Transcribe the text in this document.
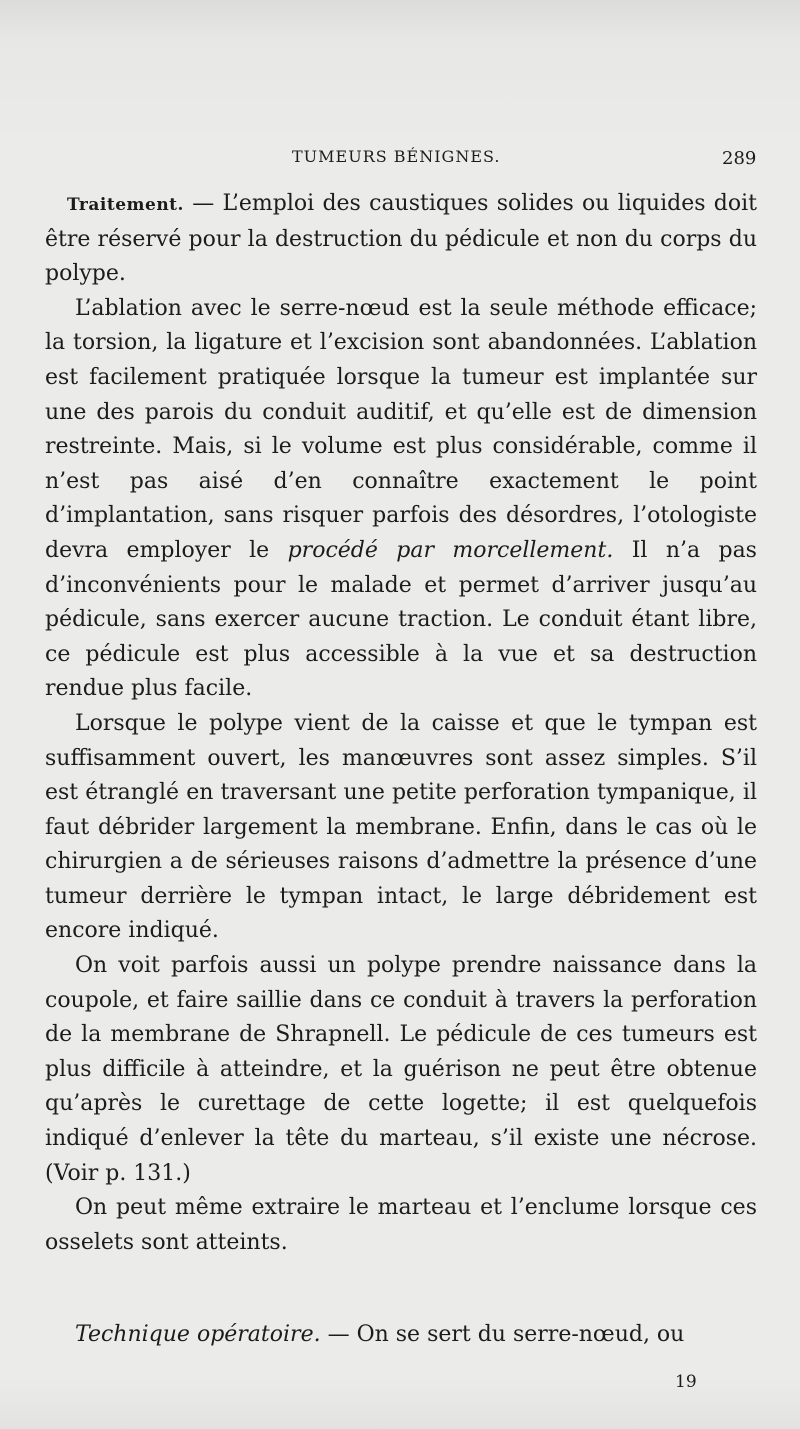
TUMEURS BÉNIGNES.	289

Traitement. — L’emploi des caustiques solides ou liquides doit être réservé pour la destruction du pédicule et non du corps du polype.

L’ablation avec le serre-nœud est la seule méthode efficace; la torsion, la ligature et l’excision sont abandonnées. L’ablation est facilement pratiquée lorsque la tumeur est implantée sur une des parois du conduit auditif, et qu’elle est de dimension restreinte. Mais, si le volume est plus considérable, comme il n’est pas aisé d’en connaître exactement le point d’implantation, sans risquer parfois des désordres, l’otologiste devra employer le procédé par morcellement. Il n’a pas d’inconvénients pour le malade et permet d’arriver jusqu’au pédicule, sans exercer aucune traction. Le conduit étant libre, ce pédicule est plus accessible à la vue et sa destruction rendue plus facile.

Lorsque le polype vient de la caisse et que le tympan est suffisamment ouvert, les manœuvres sont assez simples. S’il est étranglé en traversant une petite perforation tympanique, il faut débrider largement la membrane. Enfin, dans le cas où le chirurgien a de sérieuses raisons d’admettre la présence d’une tumeur derrière le tympan intact, le large débridement est encore indiqué.

On voit parfois aussi un polype prendre naissance dans la coupole, et faire saillie dans ce conduit à travers la perforation de la membrane de Shrapnell. Le pédicule de ces tumeurs est plus difficile à atteindre, et la guérison ne peut être obtenue qu’après le curettage de cette logette; il est quelquefois indiqué d’enlever la tête du marteau, s’il existe une nécrose. (Voir p. 131.)

On peut même extraire le marteau et l’enclume lorsque ces osselets sont atteints.

Technique opératoire. — On se sert du serre-nœud, ou
19
